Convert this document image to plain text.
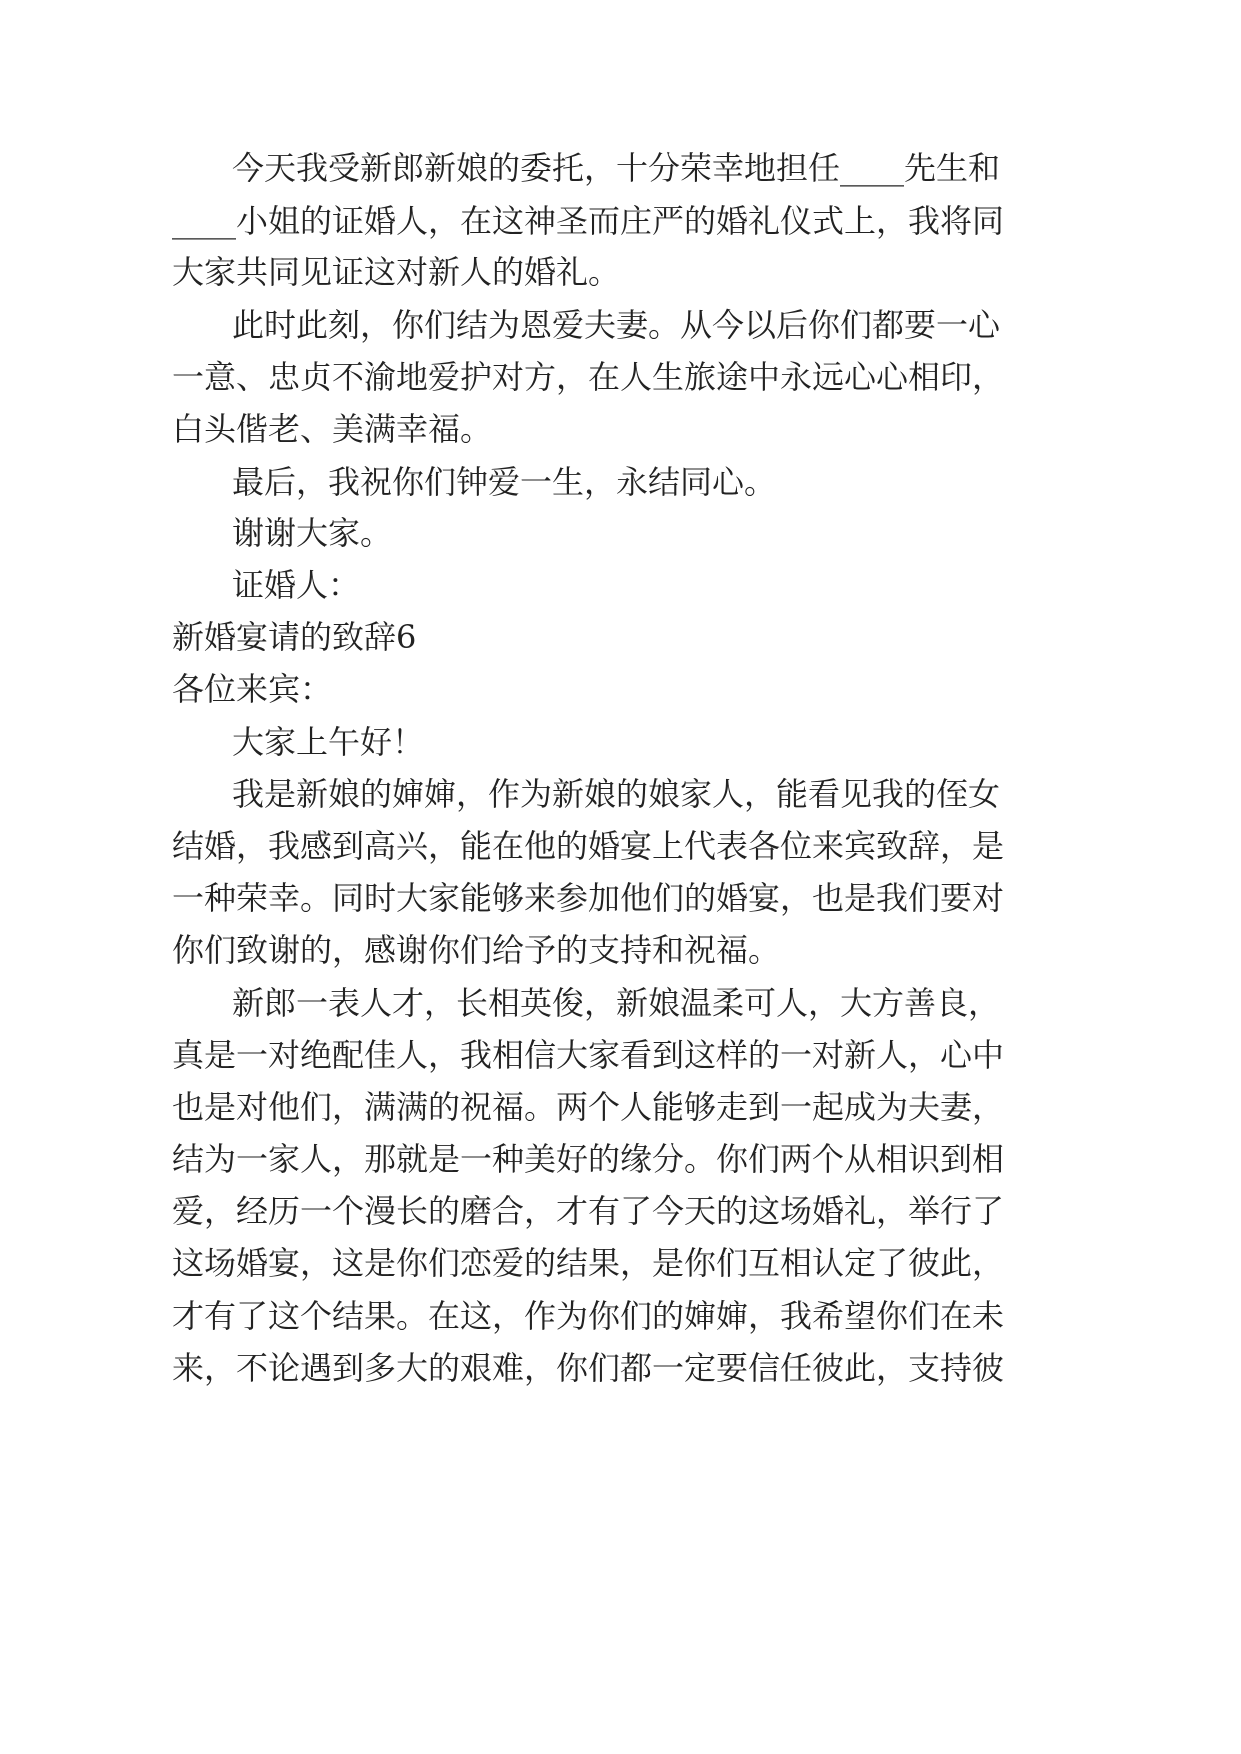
今天我受新郎新娘的委托，十分荣幸地担任____先生和
____小姐的证婚人，在这神圣而庄严的婚礼仪式上，我将同
大家共同见证这对新人的婚礼。
此时此刻，你们结为恩爱夫妻。从今以后你们都要一心
一意、忠贞不渝地爱护对方，在人生旅途中永远心心相印，
白头偕老、美满幸福。
最后，我祝你们钟爱一生，永结同心。
谢谢大家。
证婚人：
新婚宴请的致辞6
各位来宾：
大家上午好！
我是新娘的婶婶，作为新娘的娘家人，能看见我的侄女
结婚，我感到高兴，能在他的婚宴上代表各位来宾致辞，是
一种荣幸。同时大家能够来参加他们的婚宴，也是我们要对
你们致谢的，感谢你们给予的支持和祝福。
新郎一表人才，长相英俊，新娘温柔可人，大方善良，
真是一对绝配佳人，我相信大家看到这样的一对新人，心中
也是对他们，满满的祝福。两个人能够走到一起成为夫妻，
结为一家人，那就是一种美好的缘分。你们两个从相识到相
爱，经历一个漫长的磨合，才有了今天的这场婚礼，举行了
这场婚宴，这是你们恋爱的结果，是你们互相认定了彼此，
才有了这个结果。在这，作为你们的婶婶，我希望你们在未
来，不论遇到多大的艰难，你们都一定要信任彼此，支持彼
